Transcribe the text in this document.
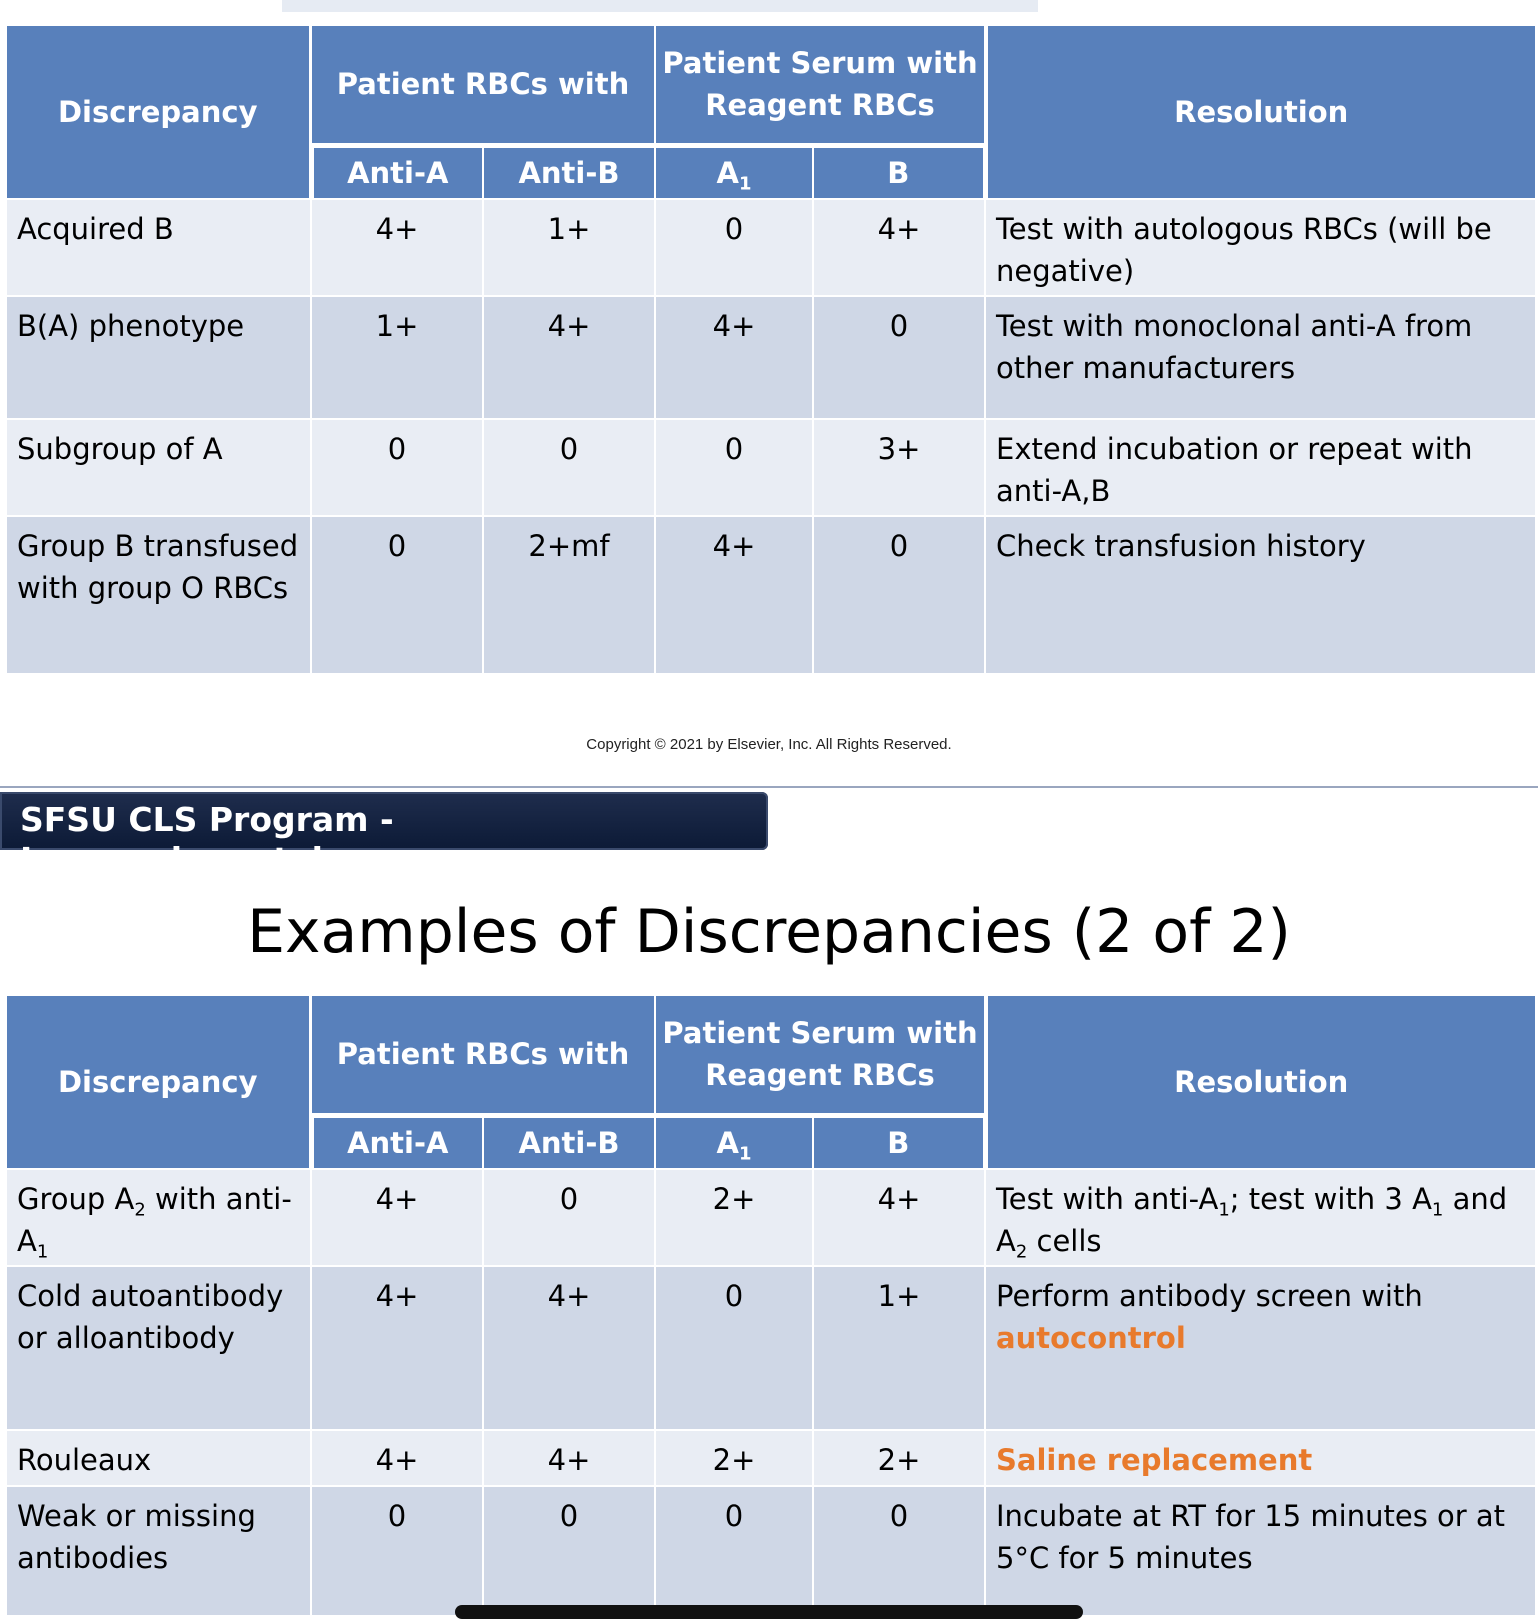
Discrepancy	Patient RBCs with		Patient Serum with Reagent RBCs		Resolution
	Anti-A	Anti-B	$A_1$	B	
Acquired B	4+	1+	0	4+	Test with autologous RBCs (will be negative)
B(A) phenotype	1+	4+	4+	0	Test with monoclonal anti-A from other manufacturers
Subgroup of A	0	0	0	3+	Extend incubation or repeat with anti-A,B
Group B transfused with group O RBCs	0	2+mf	4+	0	Check transfusion history
Copyright © 2021 by Elsevier, Inc. All Rights Reserved.
SFSU CLS Program - Immunohematology
Examples of Discrepancies (2 of 2)
Discrepancy	Patient RBCs with		Patient Serum with Reagent RBCs		Resolution
	Anti-A	Anti-B	$A_1$	B	
Group $A_2$ with anti-$A_1$	4+	0	2+	4+	Test with anti-$A_1$; test with 3 $A_1$ and $A_2$ cells
Cold autoantibody or alloantibody	4+	4+	0	1+	Perform antibody screen with autocontrol
Rouleaux	4+	4+	2+	2+	Saline replacement
Weak or missing antibodies	0	0	0	0	Incubate at RT for 15 minutes or at 5°C for 5 minutes
